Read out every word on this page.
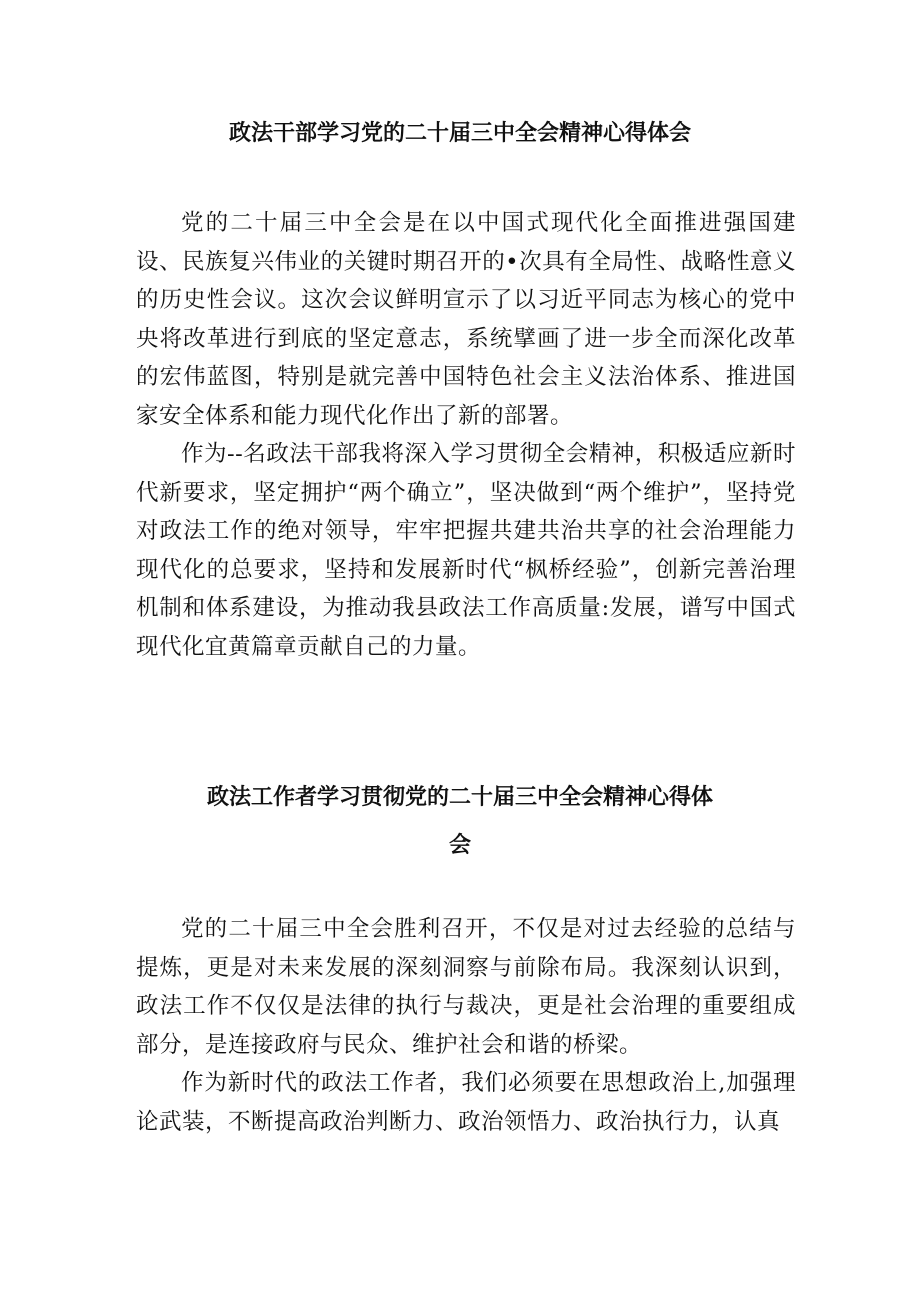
政法干部学习党的二十届三中全会精神心得体会

党的二十届三中全会是在以中国式现代化全面推进强国建设、民族复兴伟业的关键时期召开的•次具有全局性、战略性意义的历史性会议。这次会议鲜明宣示了以习近平同志为核心的党中央将改革进行到底的坚定意志，系统擘画了进一步全而深化改革的宏伟蓝图，特别是就完善中国特色社会主义法治体系、推进国家安全体系和能力现代化作出了新的部署。

作为--名政法干部我将深入学习贯彻全会精神，积极适应新时代新要求，坚定拥护“两个确立”，坚决做到“两个维护”，坚持党对政法工作的绝对领导，牢牢把握共建共治共享的社会治理能力现代化的总要求，坚持和发展新时代“枫桥经验”，创新完善治理机制和体系建设，为推动我县政法工作高质量:发展，谱写中国式现代化宜黄篇章贡献自己的力量。

政法工作者学习贯彻党的二十届三中全会精神心得体
会

党的二十届三中全会胜利召开，不仅是对过去经验的总结与提炼，更是对未来发展的深刻洞察与前除布局。我深刻认识到，政法工作不仅仅是法律的执行与裁决，更是社会治理的重要组成部分，是连接政府与民众、维护社会和谐的桥梁。

作为新时代的政法工作者，我们必须要在思想政治上,加强理论武装，不断提高政治判断力、政治领悟力、政治执行力，认真
